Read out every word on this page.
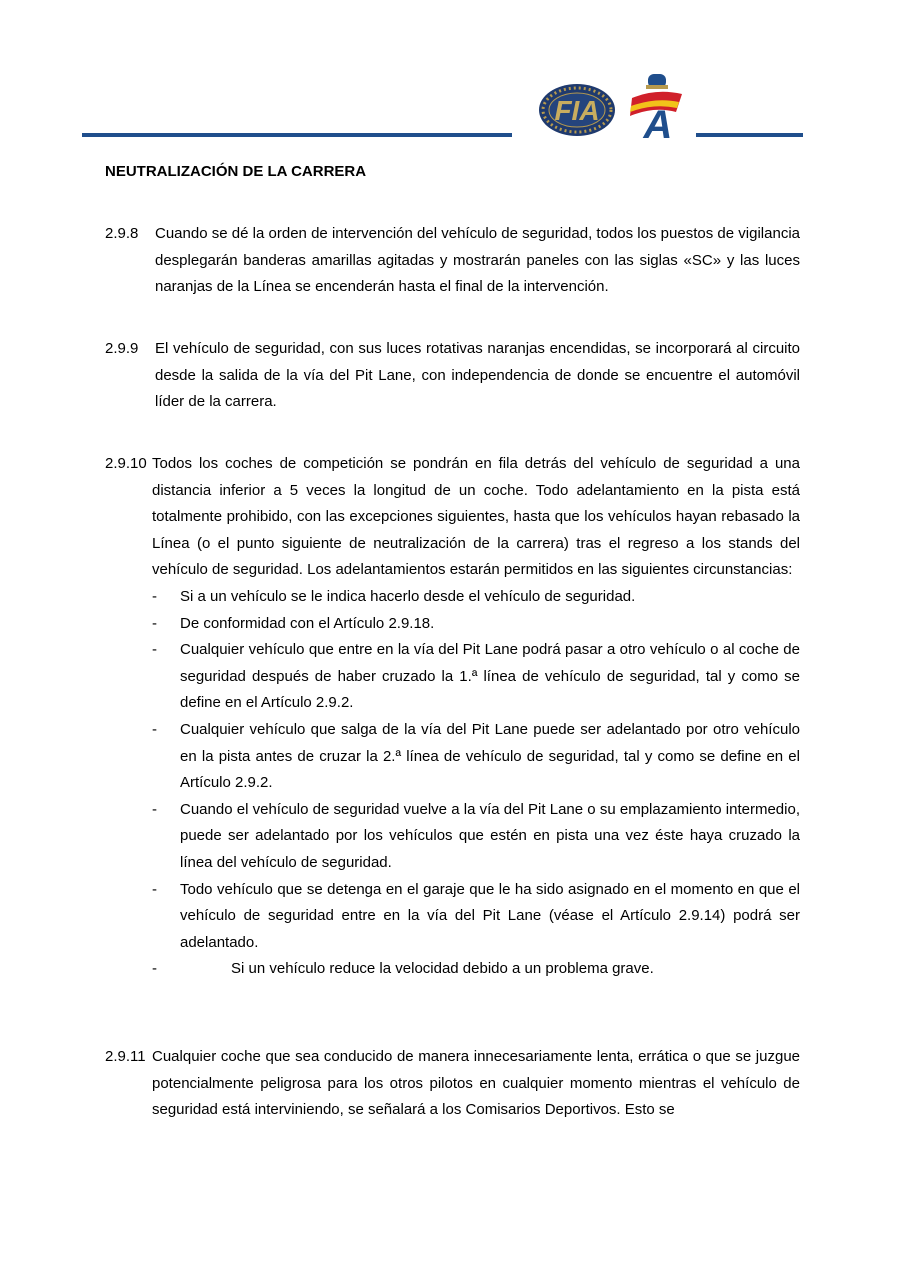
FIA A
NEUTRALIZACIÓN DE LA CARRERA
2.9.8 Cuando se dé la orden de intervención del vehículo de seguridad, todos los puestos de vigilancia desplegarán banderas amarillas agitadas y mostrarán paneles con las siglas «SC» y las luces naranjas de la Línea se encenderán hasta el final de la intervención.
2.9.9 El vehículo de seguridad, con sus luces rotativas naranjas encendidas, se incorporará al circuito desde la salida de la vía del Pit Lane, con independencia de donde se encuentre el automóvil líder de la carrera.
2.9.10 Todos los coches de competición se pondrán en fila detrás del vehículo de seguridad a una distancia inferior a 5 veces la longitud de un coche. Todo adelantamiento en la pista está totalmente prohibido, con las excepciones siguientes, hasta que los vehículos hayan rebasado la Línea (o el punto siguiente de neutralización de la carrera) tras el regreso a los stands del vehículo de seguridad. Los adelantamientos estarán permitidos en las siguientes circunstancias:
- Si a un vehículo se le indica hacerlo desde el vehículo de seguridad.
- De conformidad con el Artículo 2.9.18.
- Cualquier vehículo que entre en la vía del Pit Lane podrá pasar a otro vehículo o al coche de seguridad después de haber cruzado la 1.ª línea de vehículo de seguridad, tal y como se define en el Artículo 2.9.2.
- Cualquier vehículo que salga de la vía del Pit Lane puede ser adelantado por otro vehículo en la pista antes de cruzar la 2.ª línea de vehículo de seguridad, tal y como se define en el Artículo 2.9.2.
- Cuando el vehículo de seguridad vuelve a la vía del Pit Lane o su emplazamiento intermedio, puede ser adelantado por los vehículos que estén en pista una vez éste haya cruzado la línea del vehículo de seguridad.
- Todo vehículo que se detenga en el garaje que le ha sido asignado en el momento en que el vehículo de seguridad entre en la vía del Pit Lane (véase el Artículo 2.9.14) podrá ser adelantado.
-	Si un vehículo reduce la velocidad debido a un problema grave.
2.9.11 Cualquier coche que sea conducido de manera innecesariamente lenta, errática o que se juzgue potencialmente peligrosa para los otros pilotos en cualquier momento mientras el vehículo de seguridad está interviniendo, se señalará a los Comisarios Deportivos. Esto se
